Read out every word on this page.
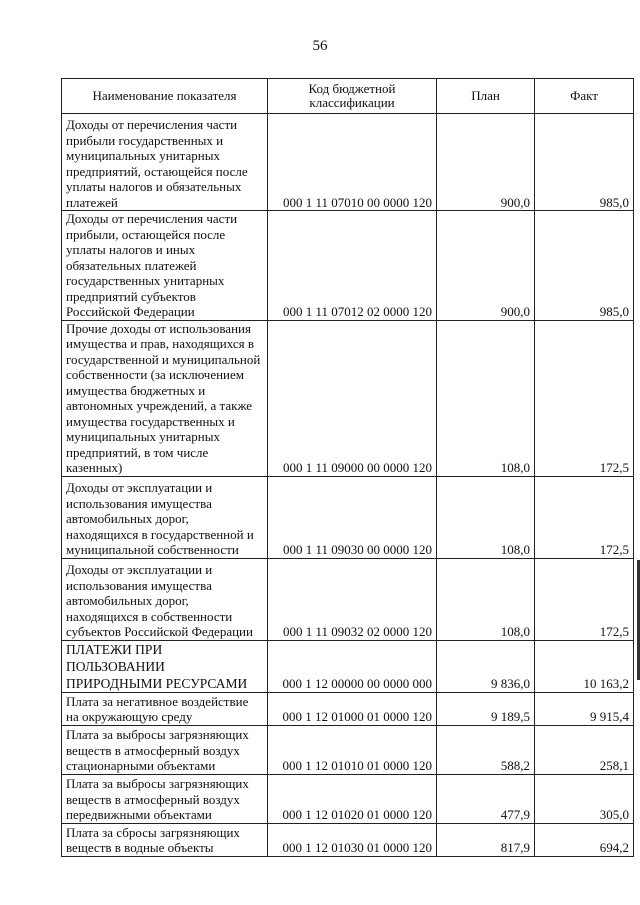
56
Наименование показателя	Код бюджетной классификации	План	Факт
Доходы от перечисления части прибыли государственных и муниципальных унитарных предприятий, остающейся после уплаты налогов и обязательных платежей	000 1 11 07010 00 0000 120	900,0	985,0
Доходы от перечисления части прибыли, остающейся после уплаты налогов и иных обязательных платежей государственных унитарных предприятий субъектов Российской Федерации	000 1 11 07012 02 0000 120	900,0	985,0
Прочие доходы от использования имущества и прав, находящихся в государственной и муниципальной собственности (за исключением имущества бюджетных и автономных учреждений, а также имущества государственных и муниципальных унитарных предприятий, в том числе казенных)	000 1 11 09000 00 0000 120	108,0	172,5
Доходы от эксплуатации и использования имущества автомобильных дорог, находящихся в государственной и муниципальной собственности	000 1 11 09030 00 0000 120	108,0	172,5
Доходы от эксплуатации и использования имущества автомобильных дорог, находящихся в собственности субъектов Российской Федерации	000 1 11 09032 02 0000 120	108,0	172,5
ПЛАТЕЖИ ПРИ ПОЛЬЗОВАНИИ ПРИРОДНЫМИ РЕСУРСАМИ	000 1 12 00000 00 0000 000	9 836,0	10 163,2
Плата за негативное воздействие на окружающую среду	000 1 12 01000 01 0000 120	9 189,5	9 915,4
Плата за выбросы загрязняющих веществ в атмосферный воздух стационарными объектами	000 1 12 01010 01 0000 120	588,2	258,1
Плата за выбросы загрязняющих веществ в атмосферный воздух передвижными объектами	000 1 12 01020 01 0000 120	477,9	305,0
Плата за сбросы загрязняющих веществ в водные объекты	000 1 12 01030 01 0000 120	817,9	694,2
